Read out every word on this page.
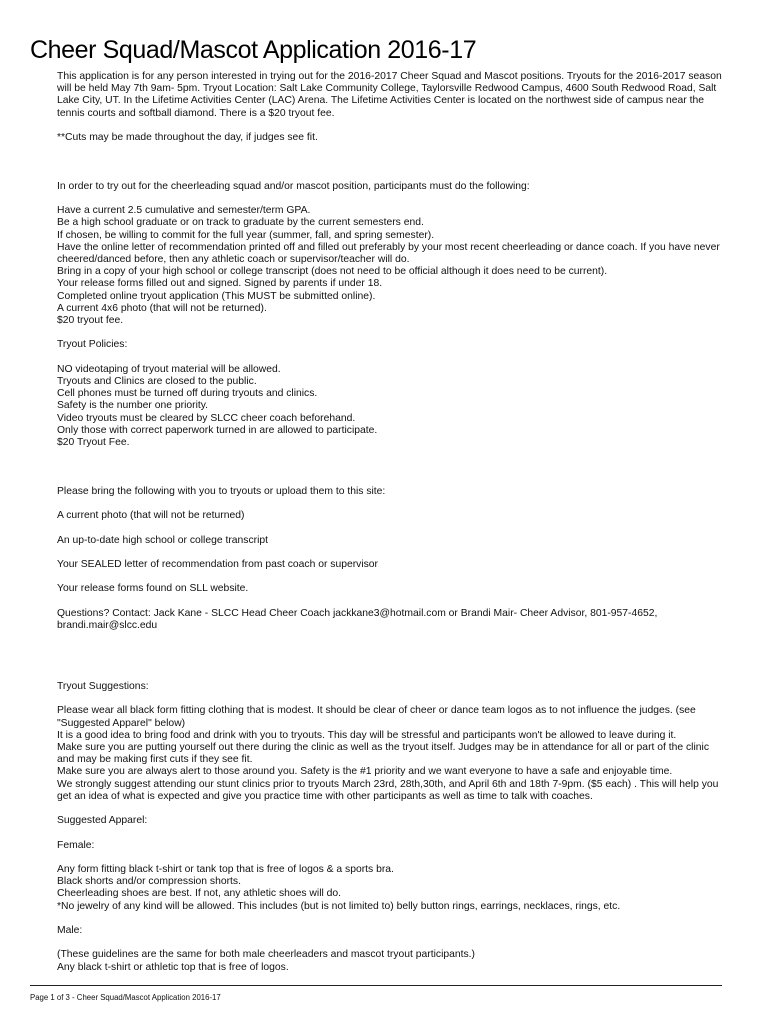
Cheer Squad/Mascot Application 2016-17

This application is for any person interested in trying out for the 2016-2017 Cheer Squad and Mascot positions. Tryouts for the 2016-2017 season will be held May 7th 9am- 5pm. Tryout Location: Salt Lake Community College, Taylorsville Redwood Campus, 4600 South Redwood Road, Salt Lake City, UT. In the Lifetime Activities Center (LAC) Arena. The Lifetime Activities Center is located on the northwest side of campus near the tennis courts and softball diamond. There is a $20 tryout fee.

**Cuts may be made throughout the day, if judges see fit.

In order to try out for the cheerleading squad and/or mascot position, participants must do the following:

Have a current 2.5 cumulative and semester/term GPA.

Be a high school graduate or on track to graduate by the current semesters end.

If chosen, be willing to commit for the full year (summer, fall, and spring semester).

Have the online letter of recommendation printed off and filled out preferably by your most recent cheerleading or dance coach. If you have never cheered/danced before, then any athletic coach or supervisor/teacher will do.

Bring in a copy of your high school or college transcript (does not need to be official although it does need to be current).

Your release forms filled out and signed. Signed by parents if under 18.

Completed online tryout application (This MUST be submitted online).

A current 4x6 photo (that will not be returned).

$20 tryout fee.

Tryout Policies:

NO videotaping of tryout material will be allowed.

Tryouts and Clinics are closed to the public.

Cell phones must be turned off during tryouts and clinics.

Safety is the number one priority.

Video tryouts must be cleared by SLCC cheer coach beforehand.

Only those with correct paperwork turned in are allowed to participate.

$20 Tryout Fee.

Please bring the following with you to tryouts or upload them to this site:

A current photo (that will not be returned)

An up-to-date high school or college transcript

Your SEALED letter of recommendation from past coach or supervisor

Your release forms found on SLL website.

Questions? Contact: Jack Kane - SLCC Head Cheer Coach jackkane3@hotmail.com or Brandi Mair- Cheer Advisor, 801-957-4652, brandi.mair@slcc.edu

Tryout Suggestions:

Please wear all black form fitting clothing that is modest. It should be clear of cheer or dance team logos as to not influence the judges. (see "Suggested Apparel" below)

It is a good idea to bring food and drink with you to tryouts. This day will be stressful and participants won't be allowed to leave during it.

Make sure you are putting yourself out there during the clinic as well as the tryout itself. Judges may be in attendance for all or part of the clinic and may be making first cuts if they see fit.

Make sure you are always alert to those around you. Safety is the #1 priority and we want everyone to have a safe and enjoyable time.

We strongly suggest attending our stunt clinics prior to tryouts March 23rd, 28th,30th, and April 6th and 18th 7-9pm. ($5 each) . This will help you get an idea of what is expected and give you practice time with other participants as well as time to talk with coaches.

Suggested Apparel:

Female:

Any form fitting black t-shirt or tank top that is free of logos & a sports bra.

Black shorts and/or compression shorts.

Cheerleading shoes are best. If not, any athletic shoes will do.

*No jewelry of any kind will be allowed. This includes (but is not limited to) belly button rings, earrings, necklaces, rings, etc.

Male:

(These guidelines are the same for both male cheerleaders and mascot tryout participants.)

Any black t-shirt or athletic top that is free of logos.

Page 1 of 3 - Cheer Squad/Mascot Application 2016-17
